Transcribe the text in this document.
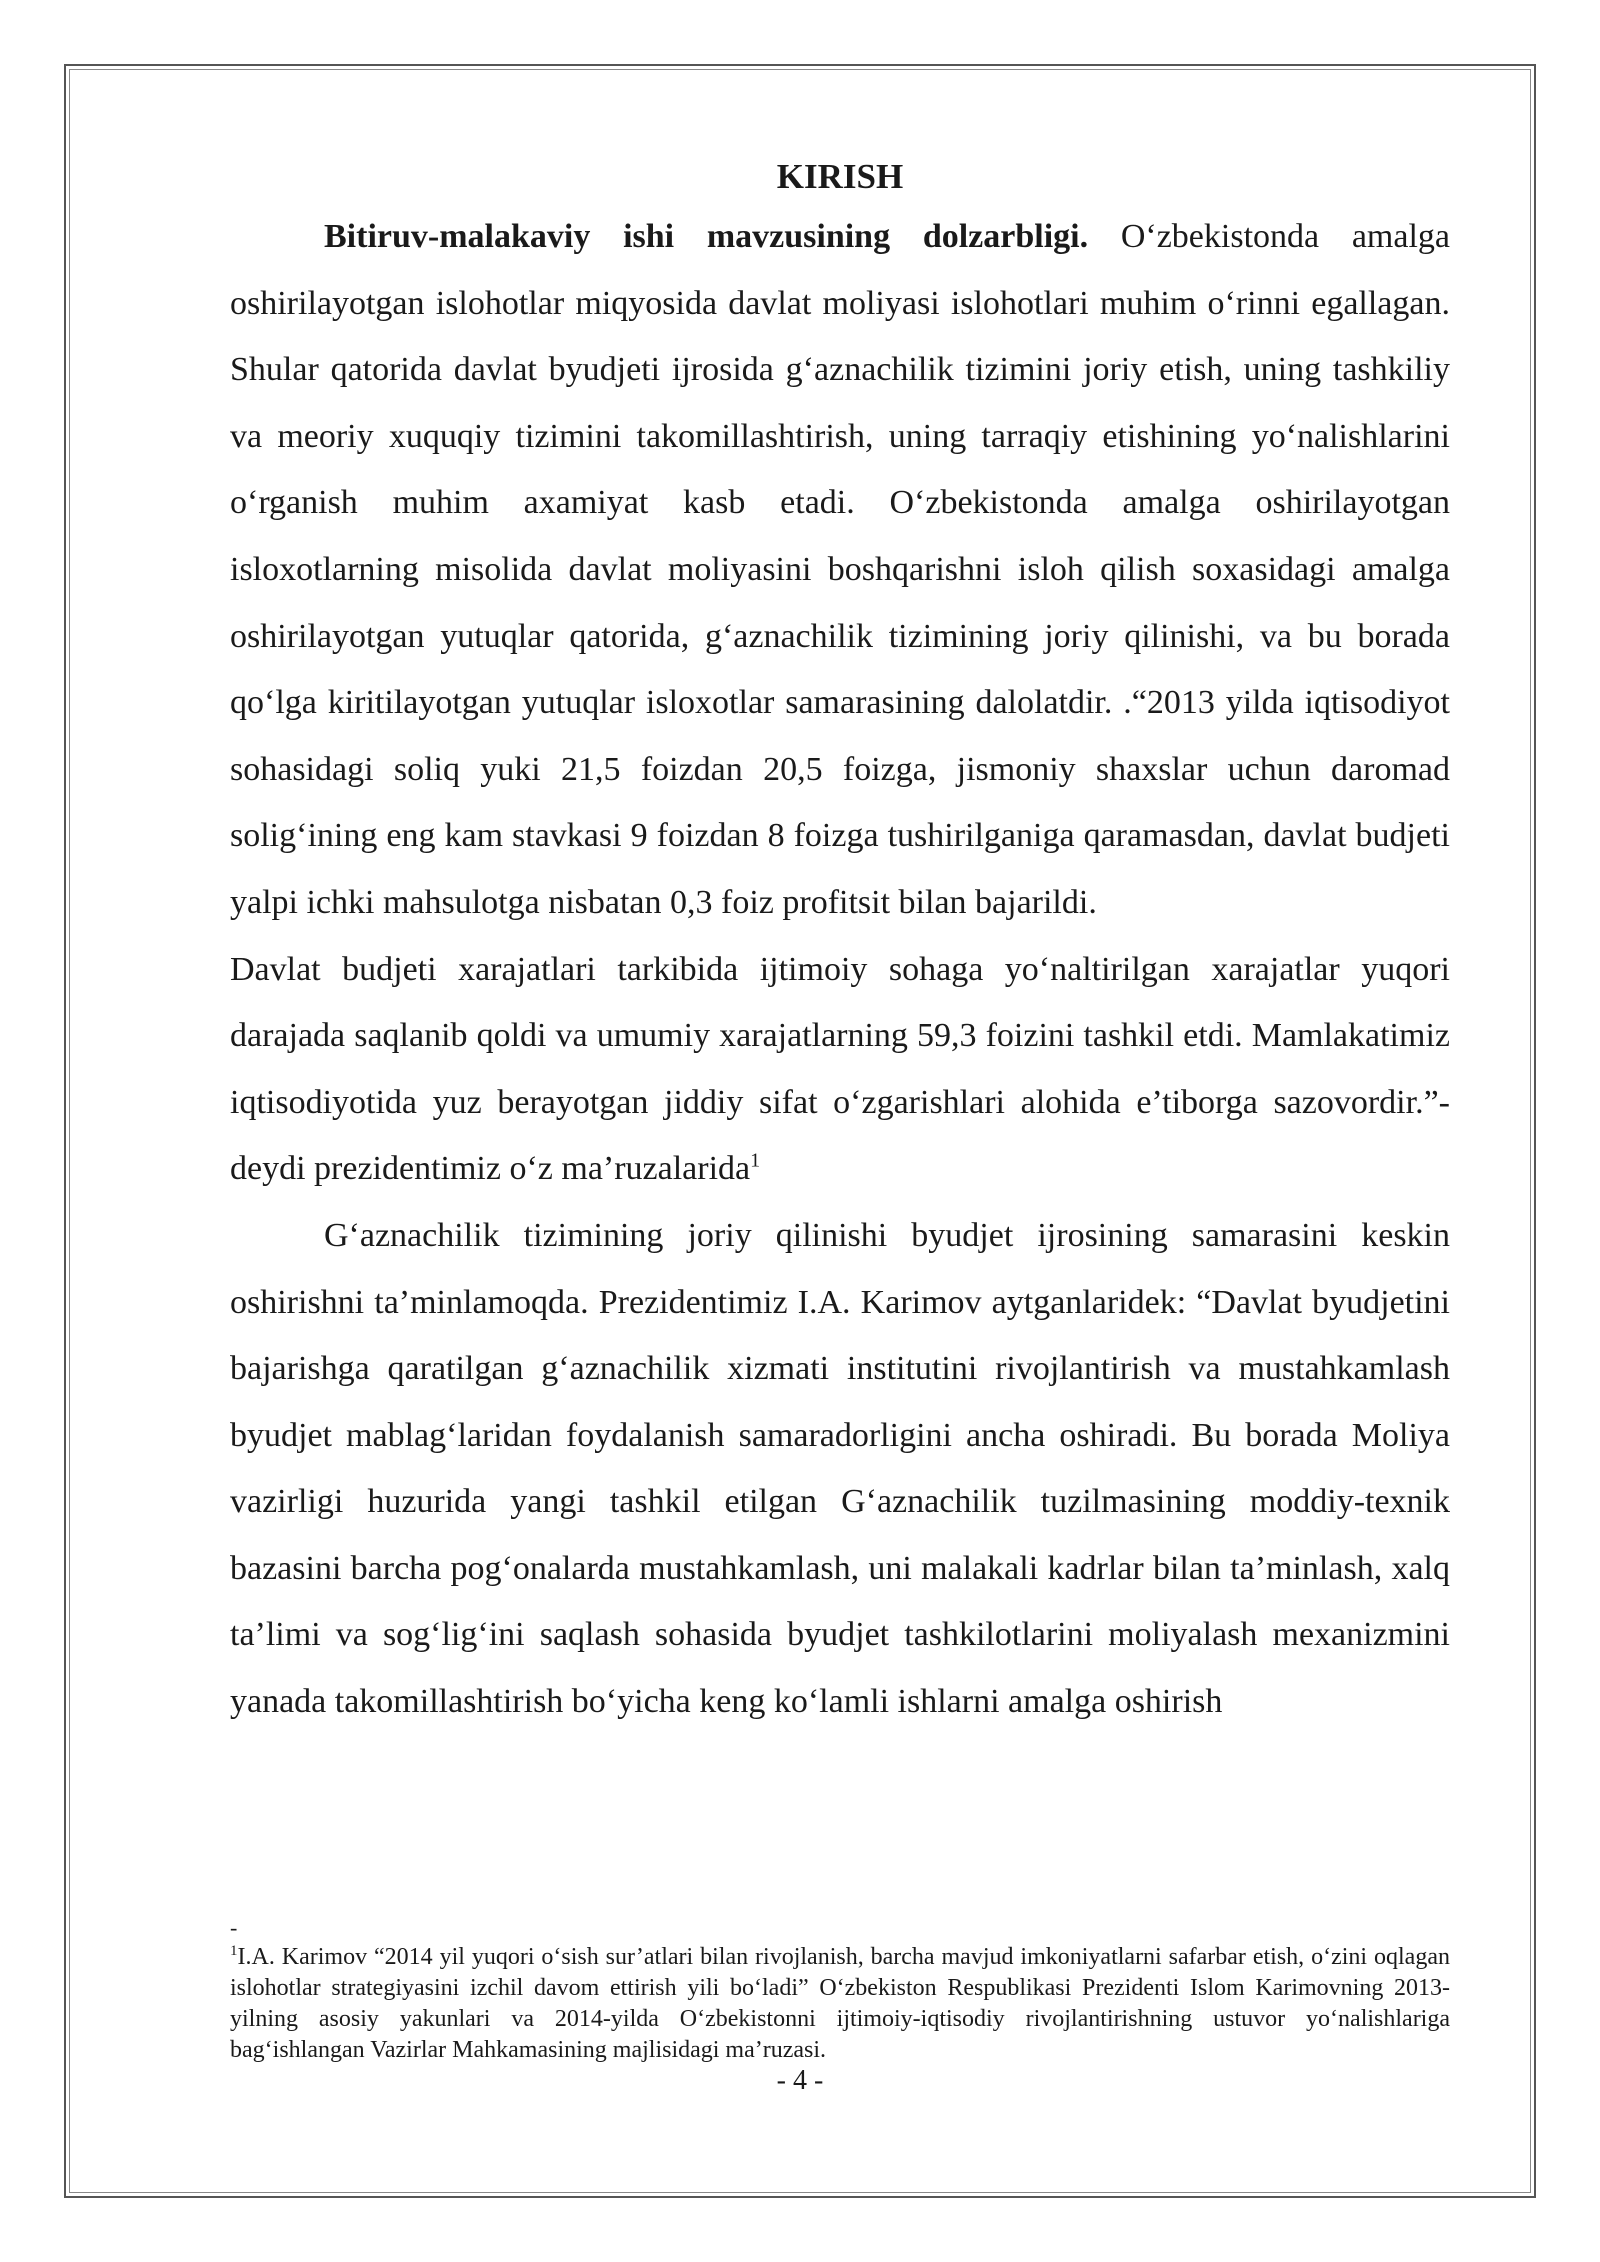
KIRISH

Bitiruv-malakaviy ishi mavzusining dolzarbligi. O‘zbekistonda amalga oshirilayotgan islohotlar miqyosida davlat moliyasi islohotlari muhim o‘rinni egallagan. Shular qatorida davlat byudjeti ijrosida g‘aznachilik tizimini joriy etish, uning tashkiliy va meoriy xuquqiy tizimini takomillashtirish, uning tarraqiy etishining yo‘nalishlarini o‘rganish muhim axamiyat kasb etadi. O‘zbekistonda amalga oshirilayotgan isloxotlarning misolida davlat moliyasini boshqarishni isloh qilish soxasidagi amalga oshirilayotgan yutuqlar qatorida, g‘aznachilik tizimining joriy qilinishi, va bu borada qo‘lga kiritilayotgan yutuqlar isloxotlar samarasining dalolatdir. .“2013 yilda iqtisodiyot sohasidagi soliq yuki 21,5 foizdan 20,5 foizga, jismoniy shaxslar uchun daromad solig‘ining eng kam stavkasi 9 foizdan 8 foizga tushirilganiga qaramasdan, davlat budjeti yalpi ichki mahsulotga nisbatan 0,3 foiz profitsit bilan bajarildi.

Davlat budjeti xarajatlari tarkibida ijtimoiy sohaga yo‘naltirilgan xarajatlar yuqori darajada saqlanib qoldi va umumiy xarajatlarning 59,3 foizini tashkil etdi. Mamlakatimiz iqtisodiyotida yuz berayotgan jiddiy sifat o‘zgarishlari alohida e’tiborga sazovordir.”-deydi prezidentimiz o‘z ma’ruzalarida$^1$

G‘aznachilik tizimining joriy qilinishi byudjet ijrosining samarasini keskin oshirishni ta’minlamoqda. Prezidentimiz I.A. Karimov aytganlaridek: “Davlat byudjetini bajarishga qaratilgan g‘aznachilik xizmati institutini rivojlantirish va mustahkamlash byudjet mablag‘laridan foydalanish samaradorligini ancha oshiradi. Bu borada Moliya vazirligi huzurida yangi tashkil etilgan G‘aznachilik tuzilmasining moddiy-texnik bazasini barcha pog‘onalarda mustahkamlash, uni malakali kadrlar bilan ta’minlash, xalq ta’limi va sog‘lig‘ini saqlash sohasida byudjet tashkilotlarini moliyalash mexanizmini yanada takomillashtirish bo‘yicha keng ko‘lamli ishlarni amalga oshirish

-

$^1$I.A. Karimov “2014 yil yuqori o‘sish sur’atlari bilan rivojlanish, barcha mavjud imkoniyatlarni safarbar etish, o‘zini oqlagan islohotlar strategiyasini izchil davom ettirish yili bo‘ladi” O‘zbekiston Respublikasi Prezidenti Islom Karimovning 2013-yilning asosiy yakunlari va 2014-yilda O‘zbekistonni ijtimoiy-iqtisodiy rivojlantirishning ustuvor yo‘nalishlariga bag‘ishlangan Vazirlar Mahkamasining majlisidagi ma’ruzasi.

- 4 -
